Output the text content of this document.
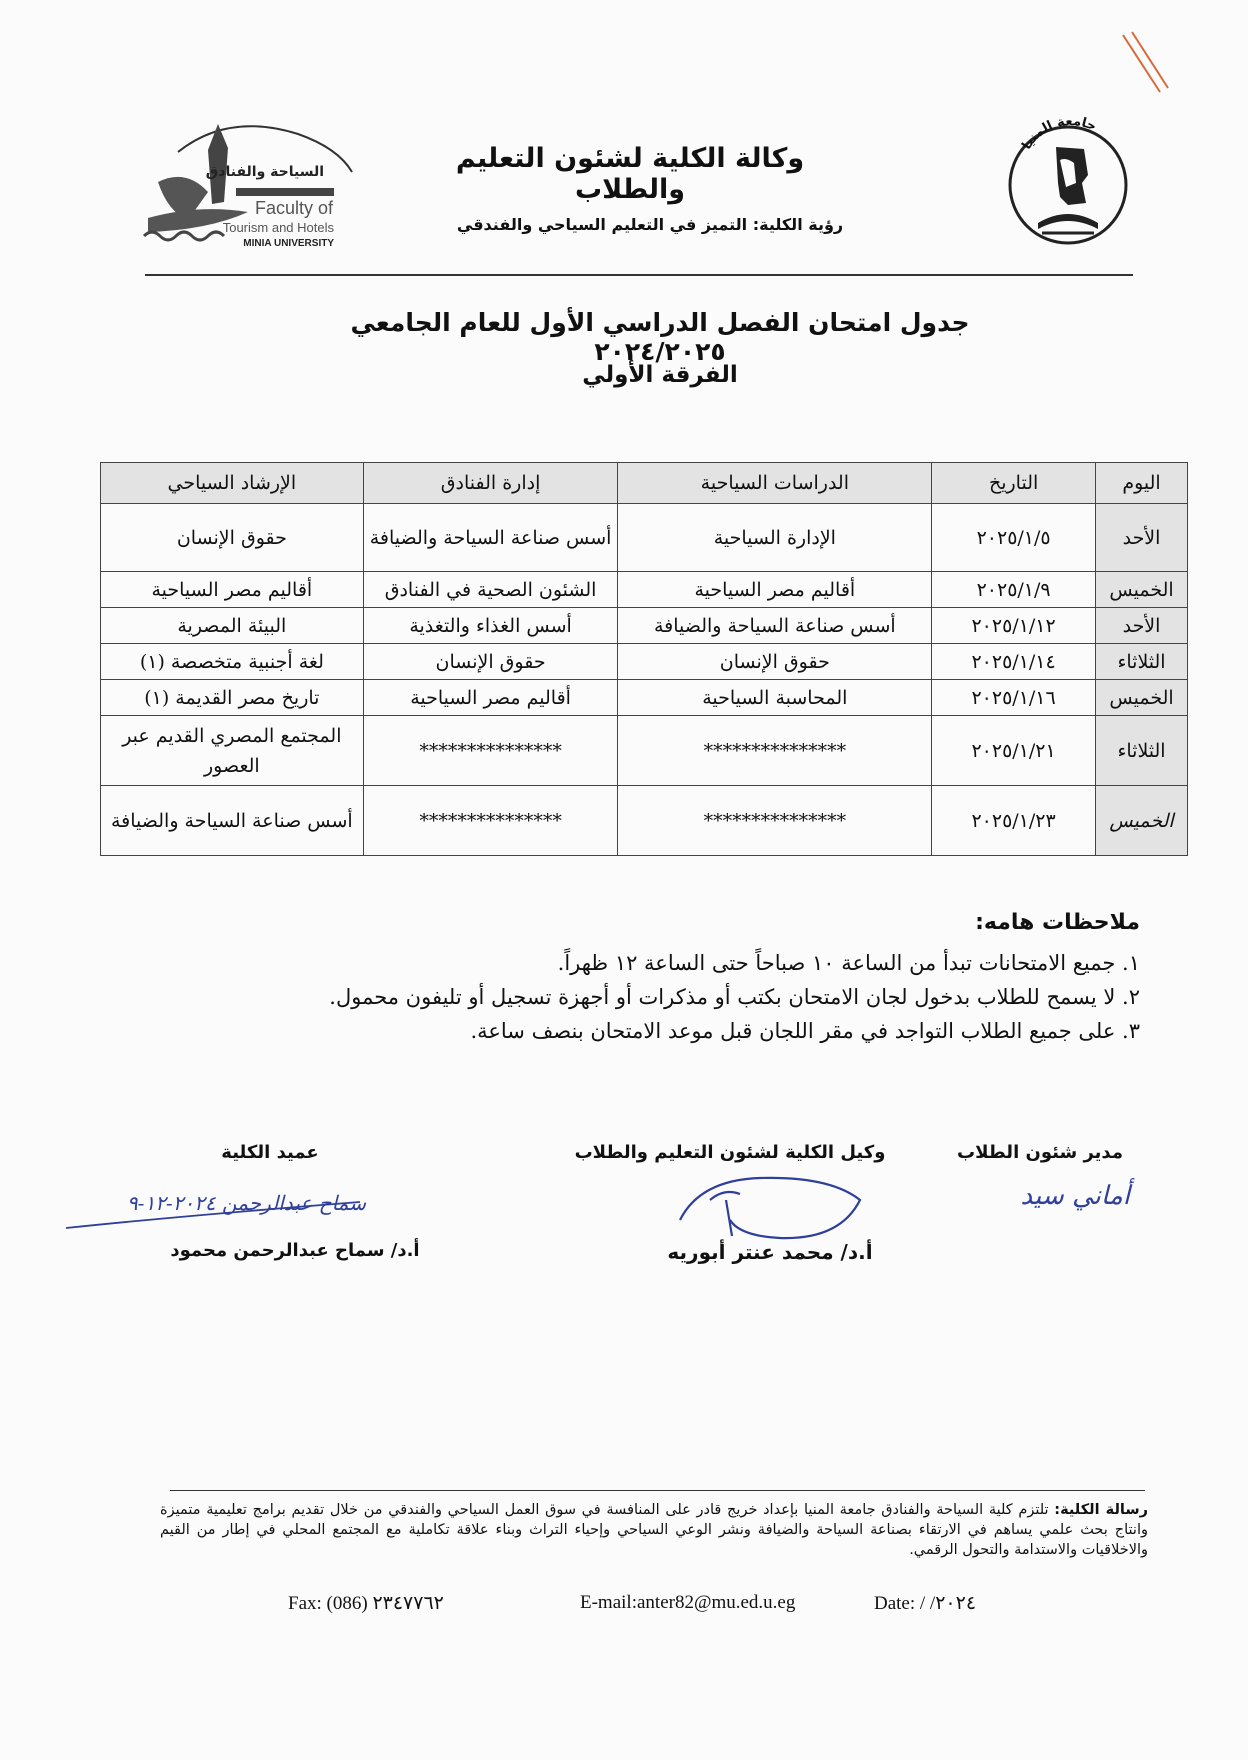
جامعة المنيا
السياحة والفنادق
Faculty of
Tourism and Hotels
MINIA UNIVERSITY
وكالة الكلية لشئون التعليم والطلاب
رؤية الكلية: التميز في التعليم السياحي والفندقي
جدول امتحان الفصل الدراسي الأول للعام الجامعي ٢٠٢٤/٢٠٢٥
الفرقة الأولي
اليوم	التاريخ	الدراسات السياحية	إدارة الفنادق	الإرشاد السياحي
الأحد	٢٠٢٥/١/٥	الإدارة السياحية	أسس صناعة السياحة والضيافة	حقوق الإنسان
الخميس	٢٠٢٥/١/٩	أقاليم مصر السياحية	الشئون الصحية في الفنادق	أقاليم مصر السياحية
الأحد	٢٠٢٥/١/١٢	أسس صناعة السياحة والضيافة	أسس الغذاء والتغذية	البيئة المصرية
الثلاثاء	٢٠٢٥/١/١٤	حقوق الإنسان	حقوق الإنسان	لغة أجنبية متخصصة (١)
الخميس	٢٠٢٥/١/١٦	المحاسبة السياحية	أقاليم مصر السياحية	تاريخ مصر القديمة (١)
الثلاثاء	٢٠٢٥/١/٢١	***************	***************	المجتمع المصري القديم عبر العصور
الخميس	٢٠٢٥/١/٢٣	***************	***************	أسس صناعة السياحة والضيافة
ملاحظات هامه:
١. جميع الامتحانات تبدأ من الساعة ١٠ صباحاً حتى الساعة ١٢ ظهراً.
٢. لا يسمح للطلاب بدخول لجان الامتحان بكتب أو مذكرات أو أجهزة تسجيل أو تليفون محمول.
٣. على جميع الطلاب التواجد في مقر اللجان قبل موعد الامتحان بنصف ساعة.
مدير شئون الطلاب
وكيل الكلية لشئون التعليم والطلاب
عميد الكلية
أماني سيد
سماح عبدالرحمن ٢٠٢٤-١٢-٩
أ.د/ محمد عنتر أبوريه
أ.د/ سماح عبدالرحمن محمود
رسالة الكلية: تلتزم كلية السياحة والفنادق جامعة المنيا بإعداد خريج قادر على المنافسة في سوق العمل السياحي والفندقي من خلال تقديم برامج تعليمية متميزة وانتاج بحث علمي يساهم في الارتقاء بصناعة السياحة والضيافة ونشر الوعي السياحي وإحياء التراث وبناء علاقة تكاملية مع المجتمع المحلي في إطار من القيم والاخلاقيات والاستدامة والتحول الرقمي.
Fax: (086) ٢٣٤٧٧٦٢	E-mail:anter82@mu.ed.u.eg	Date: / /٢٠٢٤
